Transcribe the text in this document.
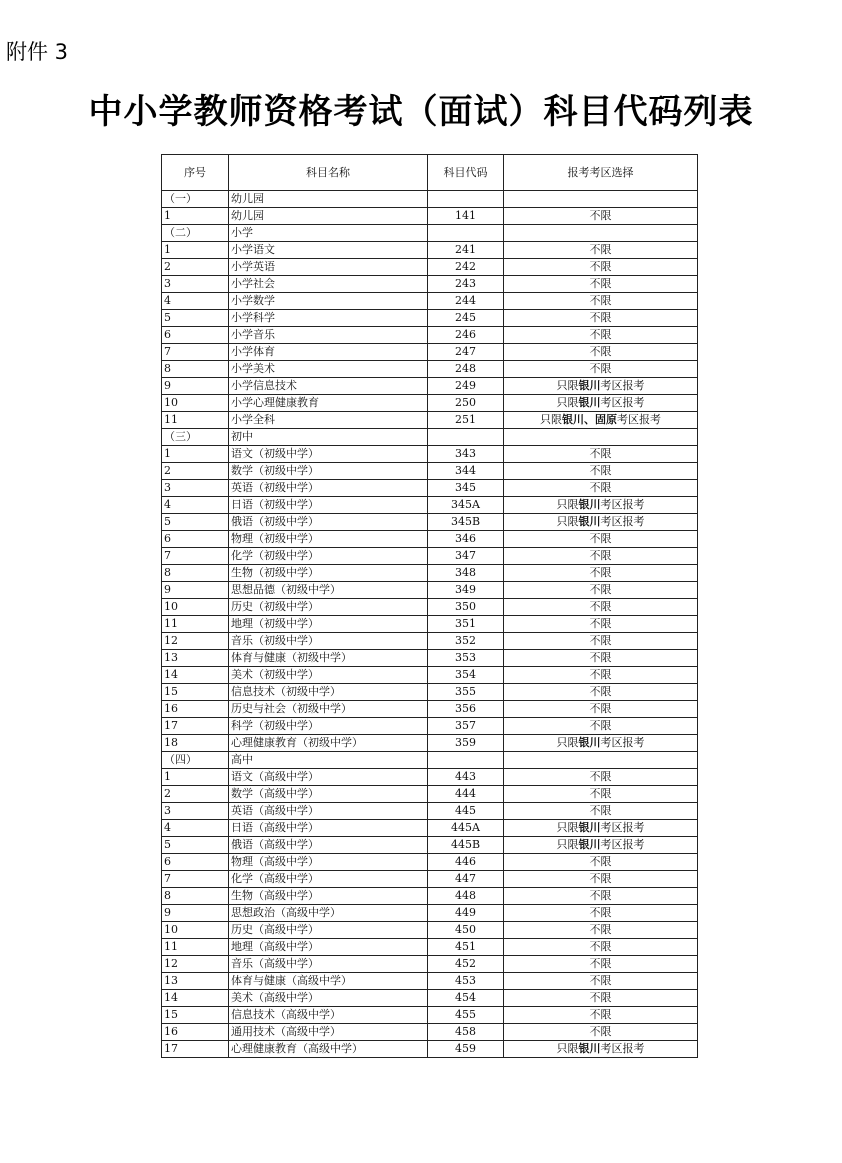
附件 3
中小学教师资格考试（面试）科目代码列表
序号	科目名称	科目代码	报考考区选择
（一）	幼儿园		
1	幼儿园	141	不限
（二）	小学		
1	小学语文	241	不限
2	小学英语	242	不限
3	小学社会	243	不限
4	小学数学	244	不限
5	小学科学	245	不限
6	小学音乐	246	不限
7	小学体育	247	不限
8	小学美术	248	不限
9	小学信息技术	249	只限银川考区报考
10	小学心理健康教育	250	只限银川考区报考
11	小学全科	251	只限银川、固原考区报考
（三）	初中		
1	语文（初级中学）	343	不限
2	数学（初级中学）	344	不限
3	英语（初级中学）	345	不限
4	日语（初级中学）	345A	只限银川考区报考
5	俄语（初级中学）	345B	只限银川考区报考
6	物理（初级中学）	346	不限
7	化学（初级中学）	347	不限
8	生物（初级中学）	348	不限
9	思想品德（初级中学）	349	不限
10	历史（初级中学）	350	不限
11	地理（初级中学）	351	不限
12	音乐（初级中学）	352	不限
13	体育与健康（初级中学）	353	不限
14	美术（初级中学）	354	不限
15	信息技术（初级中学）	355	不限
16	历史与社会（初级中学）	356	不限
17	科学（初级中学）	357	不限
18	心理健康教育（初级中学）	359	只限银川考区报考
（四）	高中		
1	语文（高级中学）	443	不限
2	数学（高级中学）	444	不限
3	英语（高级中学）	445	不限
4	日语（高级中学）	445A	只限银川考区报考
5	俄语（高级中学）	445B	只限银川考区报考
6	物理（高级中学）	446	不限
7	化学（高级中学）	447	不限
8	生物（高级中学）	448	不限
9	思想政治（高级中学）	449	不限
10	历史（高级中学）	450	不限
11	地理（高级中学）	451	不限
12	音乐（高级中学）	452	不限
13	体育与健康（高级中学）	453	不限
14	美术（高级中学）	454	不限
15	信息技术（高级中学）	455	不限
16	通用技术（高级中学）	458	不限
17	心理健康教育（高级中学）	459	只限银川考区报考
